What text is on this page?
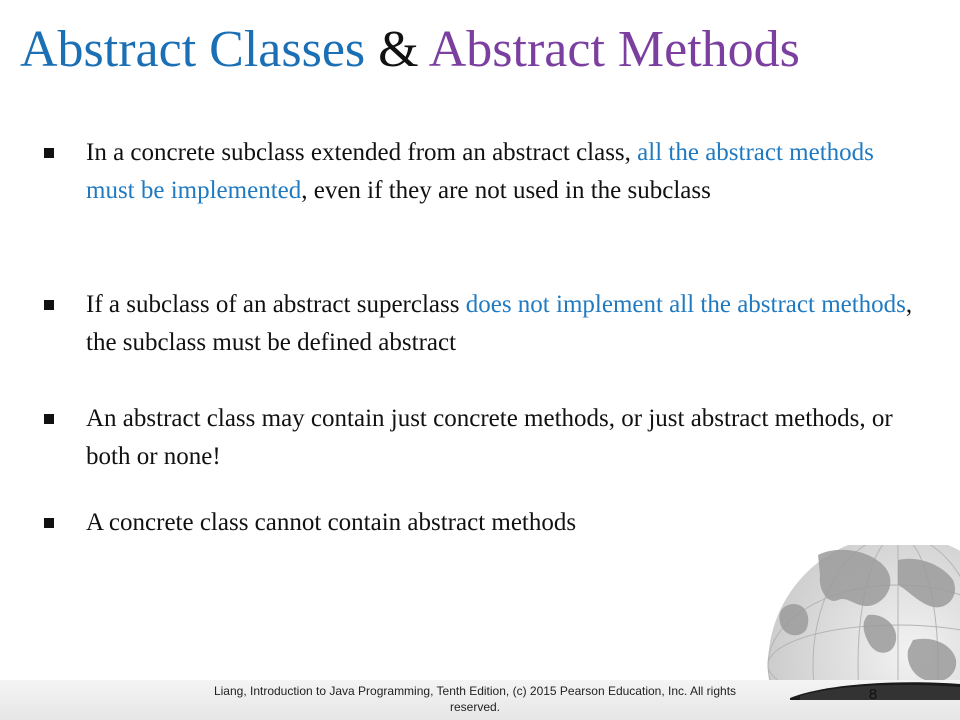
Abstract Classes & Abstract Methods
In a concrete subclass extended from an abstract class, all the abstract methods must be implemented, even if they are not used in the subclass
If a subclass of an abstract superclass does not implement all the abstract methods, the subclass must be defined abstract
An abstract class may contain just concrete methods, or just abstract methods, or both or none!
A concrete class cannot contain abstract methods
Liang, Introduction to Java Programming, Tenth Edition, (c) 2015 Pearson Education, Inc. All rights reserved.
8
